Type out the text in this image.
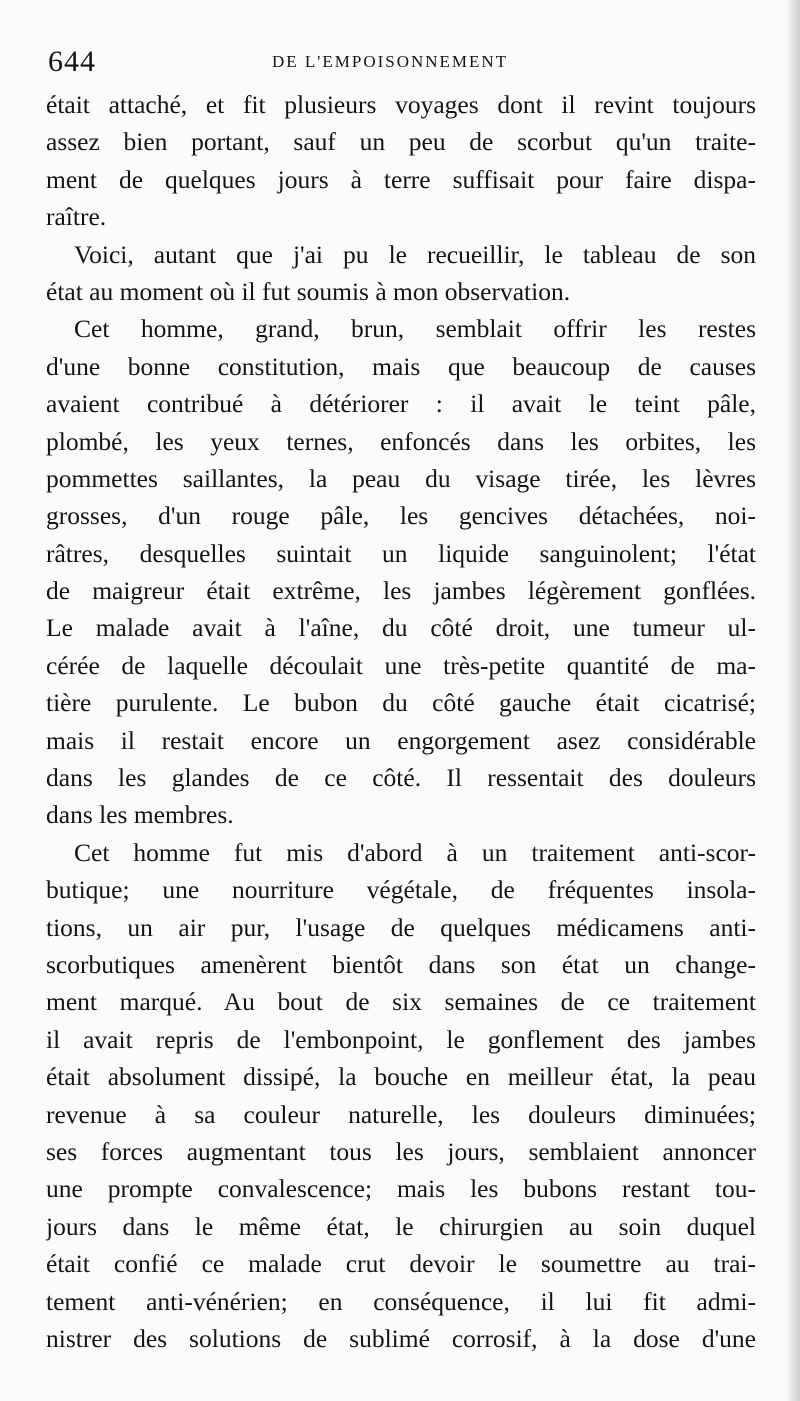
644	DE L'EMPOISONNEMENT
était attaché, et fit plusieurs voyages dont il revint toujours
assez bien portant, sauf un peu de scorbut qu'un traite-
ment de quelques jours à terre suffisait pour faire dispa-
raître.
Voici, autant que j'ai pu le recueillir, le tableau de son
état au moment où il fut soumis à mon observation.
Cet homme, grand, brun, semblait offrir les restes
d'une bonne constitution, mais que beaucoup de causes
avaient contribué à détériorer : il avait le teint pâle,
plombé, les yeux ternes, enfoncés dans les orbites, les
pommettes saillantes, la peau du visage tirée, les lèvres
grosses, d'un rouge pâle, les gencives détachées, noi-
râtres, desquelles suintait un liquide sanguinolent; l'état
de maigreur était extrême, les jambes légèrement gonflées.
Le malade avait à l'aîne, du côté droit, une tumeur ul-
cérée de laquelle découlait une très-petite quantité de ma-
tière purulente. Le bubon du côté gauche était cicatrisé;
mais il restait encore un engorgement asez considérable
dans les glandes de ce côté. Il ressentait des douleurs
dans les membres.
Cet homme fut mis d'abord à un traitement anti-scor-
butique; une nourriture végétale, de fréquentes insola-
tions, un air pur, l'usage de quelques médicamens anti-
scorbutiques amenèrent bientôt dans son état un change-
ment marqué. Au bout de six semaines de ce traitement
il avait repris de l'embonpoint, le gonflement des jambes
était absolument dissipé, la bouche en meilleur état, la peau
revenue à sa couleur naturelle, les douleurs diminuées;
ses forces augmentant tous les jours, semblaient annoncer
une prompte convalescence; mais les bubons restant tou-
jours dans le même état, le chirurgien au soin duquel
était confié ce malade crut devoir le soumettre au trai-
tement anti-vénérien; en conséquence, il lui fit admi-
nistrer des solutions de sublimé corrosif, à la dose d'une
